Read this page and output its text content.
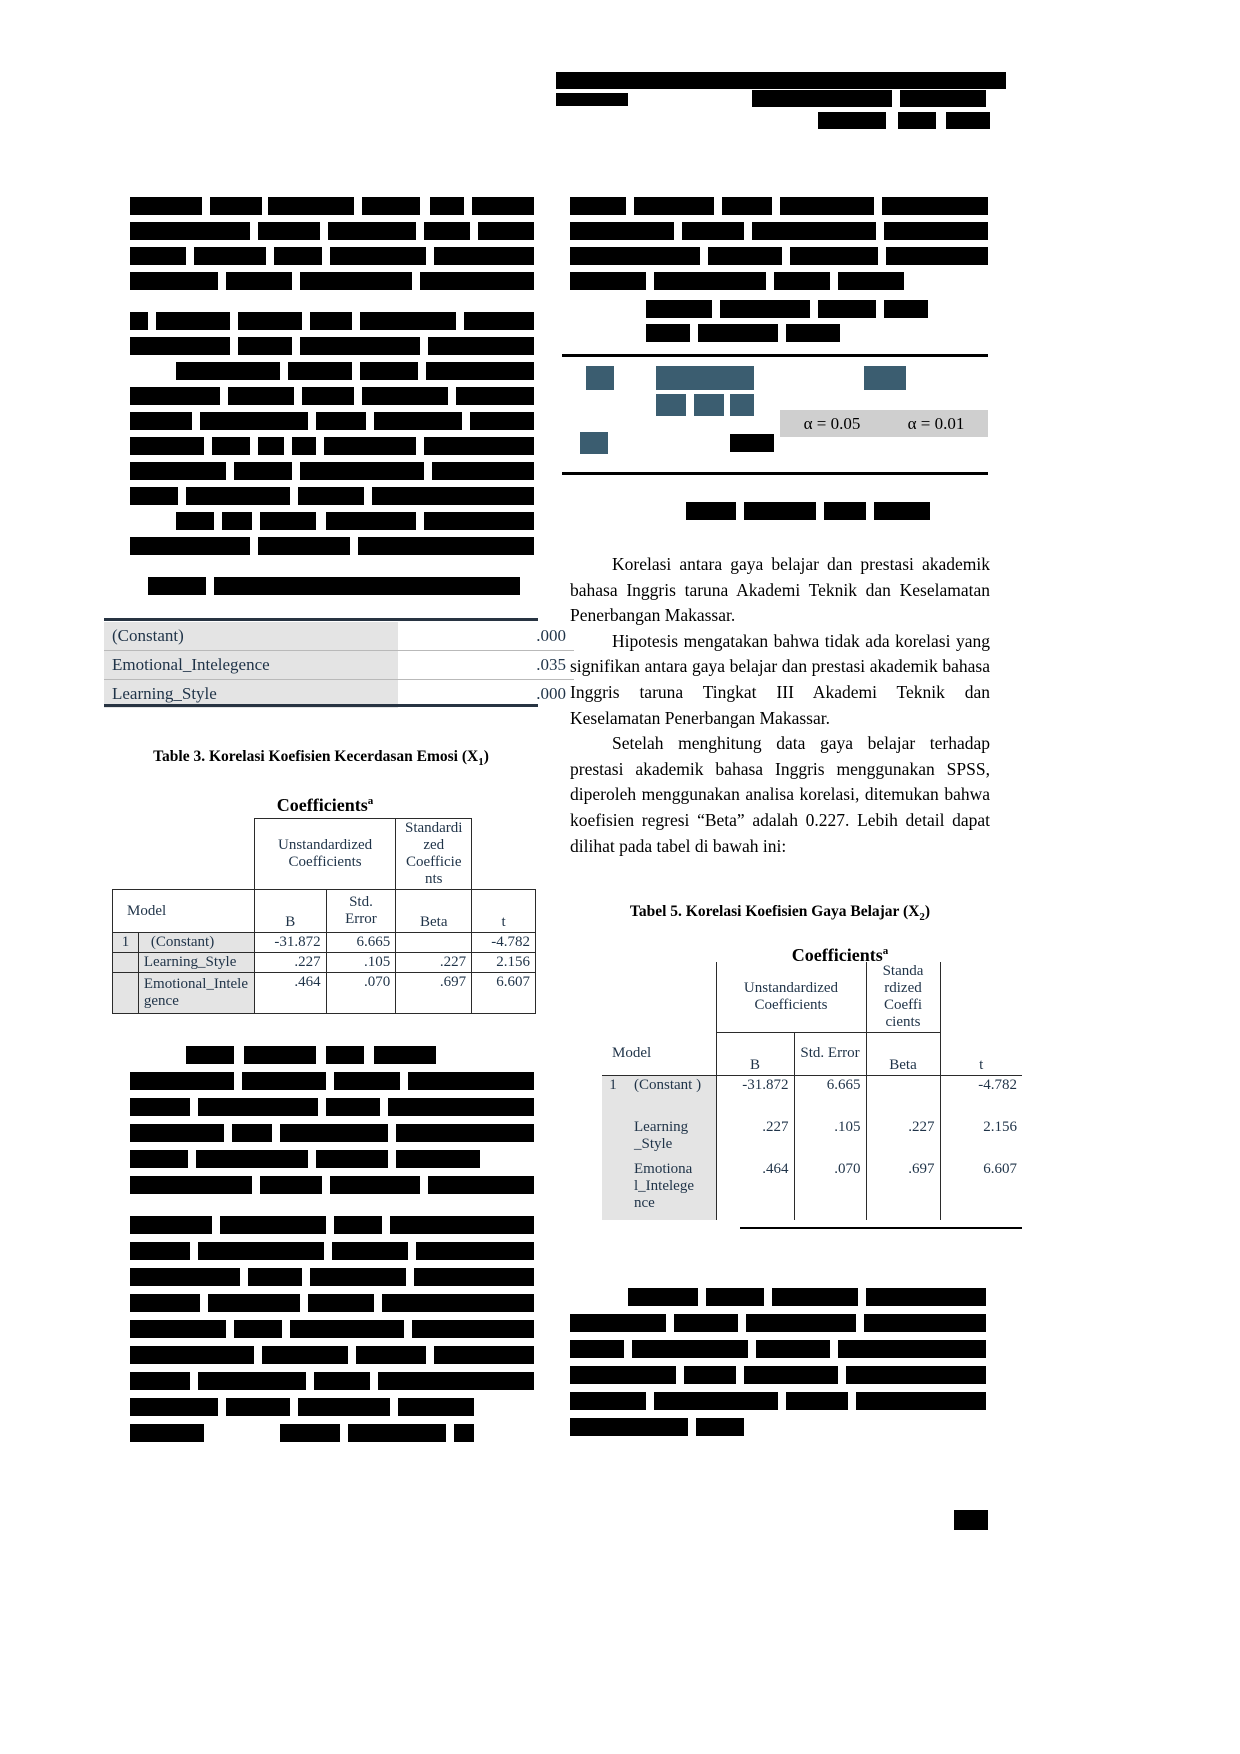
(Constant)	.000
Emotional_Intelegence	.035
Learning_Style	.000
Table 3. Korelasi Koefisien Kecerdasan Emosi $(X_1)$
Coefficients$^a$
		Unstandardized Coefficients		Standardi zed Coefficie nts	
Model		B	Std. Error	Beta	t
1	(Constant)	-31.872	6.665		-4.782
	Learning_Style	.227	.105	.227	2.156
	Emotional_Intele gence	.464	.070	.697	6.607
α = 0.05	α = 0.01

Korelasi antara gaya belajar dan prestasi akademik bahasa Inggris taruna Akademi Teknik dan Keselamatan Penerbangan Makassar.

Hipotesis mengatakan bahwa tidak ada korelasi yang signifikan antara gaya belajar dan prestasi akademik bahasa Inggris taruna Tingkat III Akademi Teknik dan Keselamatan Penerbangan Makassar.

Setelah menghitung data gaya belajar terhadap prestasi akademik bahasa Inggris menggunakan SPSS, diperoleh menggunakan analisa korelasi, ditemukan bahwa koefisien regresi “Beta” adalah 0.227. Lebih detail dapat dilihat pada tabel di bawah ini:

Tabel 5. Korelasi Koefisien Gaya Belajar $(X_2)$
Coefficients$^a$
		Unstandardized Coefficients		Standa rdized Coeffi cients	
Model		B	Std. Error	Beta	t
1	(Constant )	-31.872	6.665		-4.782
	Learning _Style	.227	.105	.227	2.156
	Emotiona l_Intelege nce	.464	.070	.697	6.607
